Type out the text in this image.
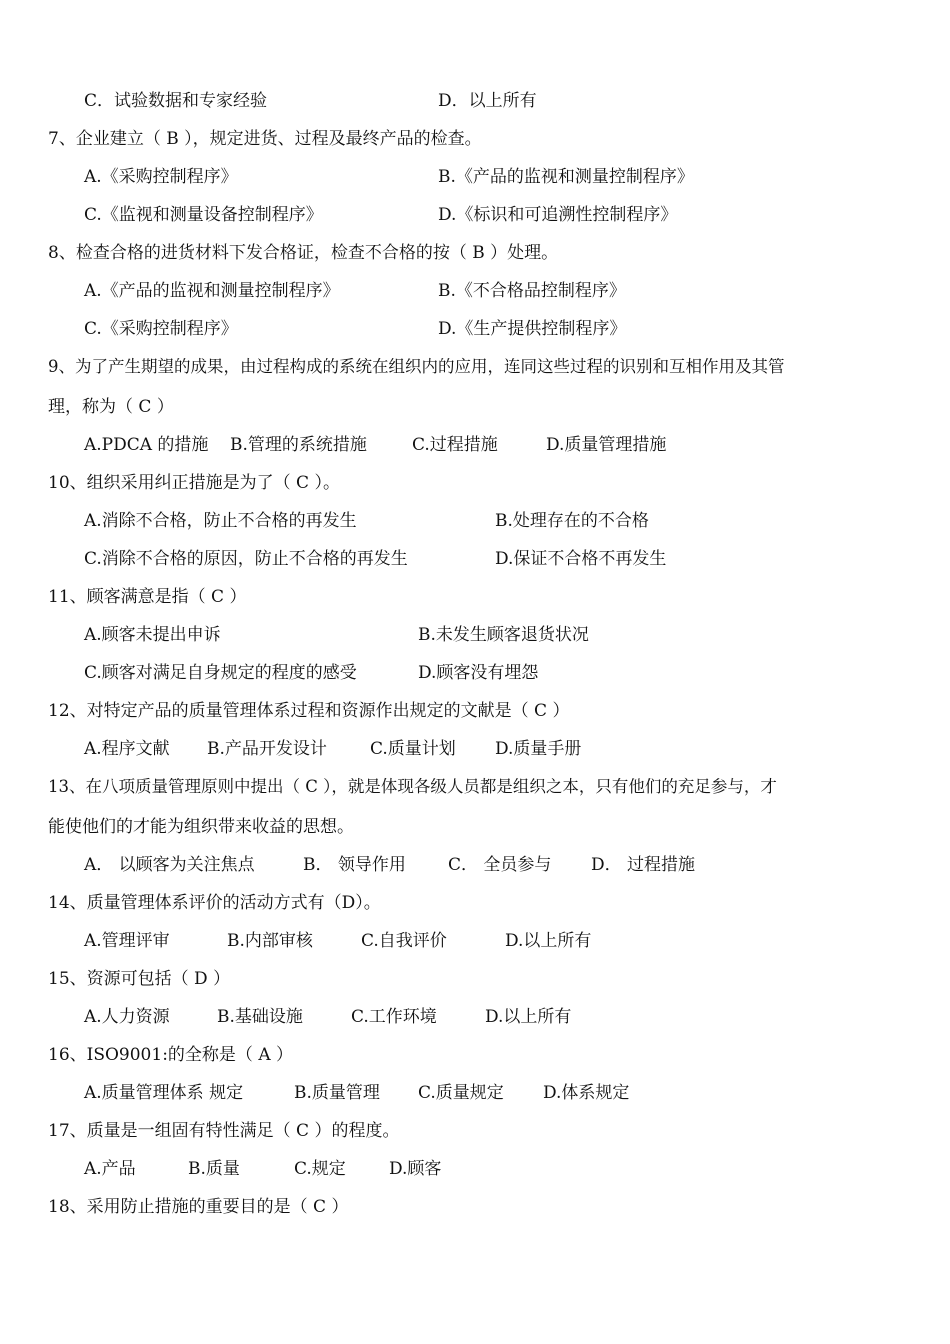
C．试验数据和专家经验	D．以上所有
7、企业建立（ B ），规定进货、过程及最终产品的检查。
A.《采购控制程序》	B.《产品的监视和测量控制程序》
C.《监视和测量设备控制程序》	D.《标识和可追溯性控制程序》
8、检查合格的进货材料下发合格证，检查不合格的按（ B ）处理。
A.《产品的监视和测量控制程序》	B.《不合格品控制程序》
C.《采购控制程序》	D.《生产提供控制程序》
9、为了产生期望的成果，由过程构成的系统在组织内的应用，连同这些过程的识别和互相作用及其管
理，称为（ C ）
A.PDCA 的措施 B.管理的系统措施	C.过程措施	D.质量管理措施
10、组织采用纠正措施是为了（ C ）。
A.消除不合格，防止不合格的再发生	B.处理存在的不合格
C.消除不合格的原因，防止不合格的再发生	D.保证不合格不再发生
11、顾客满意是指（ C ）
A.顾客未提出申诉	B.未发生顾客退货状况
C.顾客对满足自身规定的程度的感受	D.顾客没有埋怨
12、对特定产品的质量管理体系过程和资源作出规定的文献是（ C ）
A.程序文献 B.产品开发设计	C.质量计划 D.质量手册
13、在八项质量管理原则中提出（ C ），就是体现各级人员都是组织之本，只有他们的充足参与，才
能使他们的才能为组织带来收益的思想。
A． 以顾客为关注焦点	B． 领导作用 C． 全员参与 D． 过程措施
14、质量管理体系评价的活动方式有（D）。
A.管理评审	B.内部审核	C.自我评价	D.以上所有
15、资源可包括（ D ）
A.人力资源	B.基础设施	C.工作环境	D.以上所有
16、ISO9001:的全称是（ A ）
A.质量管理体系 规定	B.质量管理 C.质量规定 D.体系规定
17、质量是一组固有特性满足（ C ）的程度。
A.产品	B.质量	C.规定	D.顾客
18、采用防止措施的重要目的是（ C ）
